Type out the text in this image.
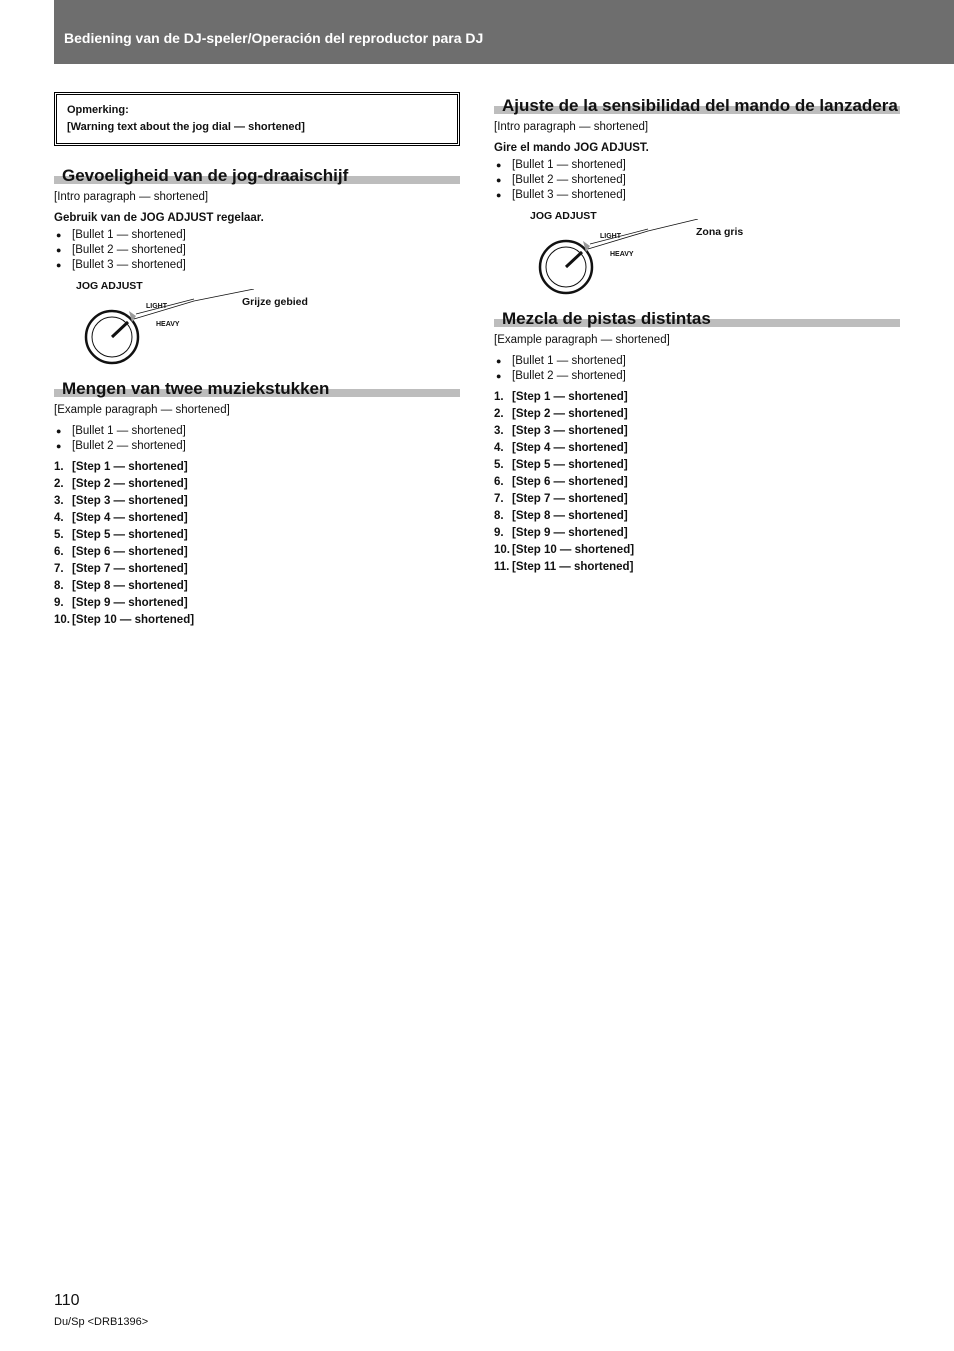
Bediening van de DJ-speler/Operación del reproductor para DJ
Opmerking:
[Warning text about the jog dial — shortened]
Gevoeligheid van de jog-draaischijf

[Intro paragraph — shortened]

Gebruik van de JOG ADJUST regelaar.
● [Bullet 1 — shortened]
● [Bullet 2 — shortened]
● [Bullet 3 — shortened]
JOG ADJUST
LIGHT
HEAVY
Grijze gebied
Mengen van twee muziekstukken

[Example paragraph — shortened]

● [Bullet 1 — shortened]
● [Bullet 2 — shortened]
1. [Step 1 — shortened]
2. [Step 2 — shortened]
3. [Step 3 — shortened]
4. [Step 4 — shortened]
5. [Step 5 — shortened]
6. [Step 6 — shortened]
7. [Step 7 — shortened]
8. [Step 8 — shortened]
9. [Step 9 — shortened]
10. [Step 10 — shortened]
Ajuste de la sensibilidad del mando de lanzadera

[Intro paragraph — shortened]

Gire el mando JOG ADJUST.
● [Bullet 1 — shortened]
● [Bullet 2 — shortened]
● [Bullet 3 — shortened]
JOG ADJUST
LIGHT
HEAVY
Zona gris
Mezcla de pistas distintas

[Example paragraph — shortened]

● [Bullet 1 — shortened]
● [Bullet 2 — shortened]
1. [Step 1 — shortened]
2. [Step 2 — shortened]
3. [Step 3 — shortened]
4. [Step 4 — shortened]
5. [Step 5 — shortened]
6. [Step 6 — shortened]
7. [Step 7 — shortened]
8. [Step 8 — shortened]
9. [Step 9 — shortened]
10. [Step 10 — shortened]
11. [Step 11 — shortened]
110
Du/Sp <DRB1396>
